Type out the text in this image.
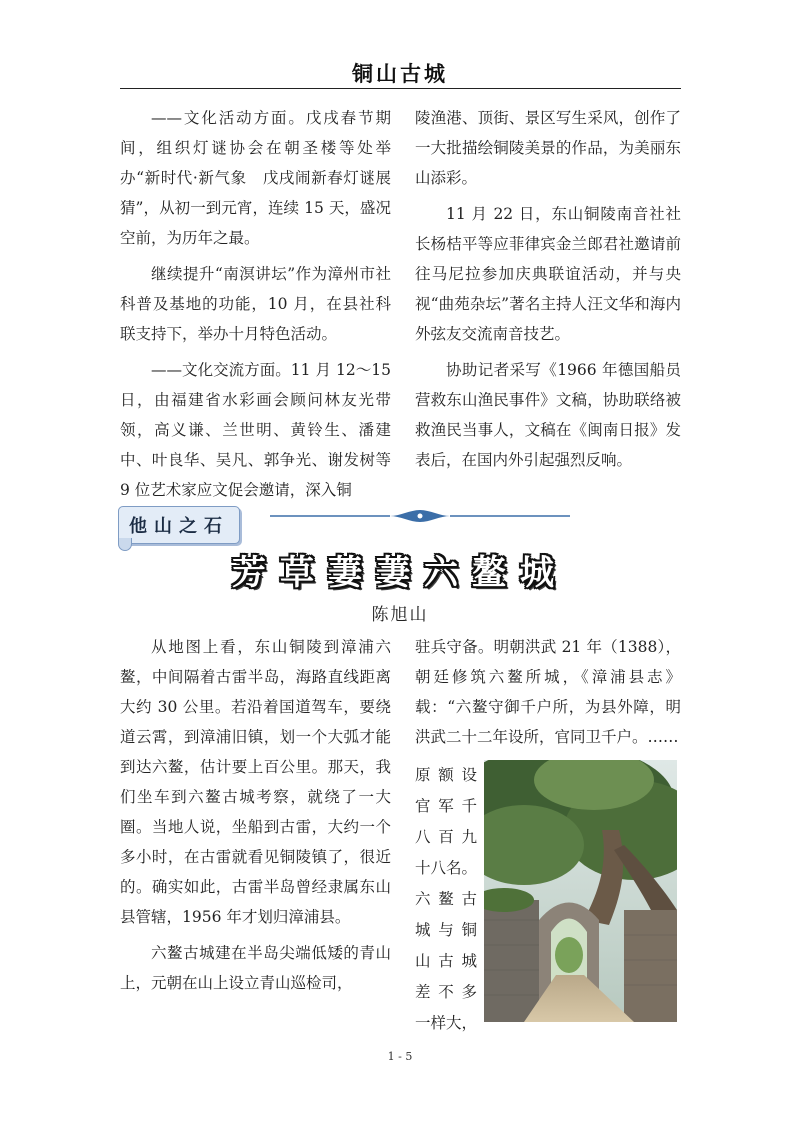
铜山古城

——文化活动方面。戊戌春节期间，组织灯谜协会在朝圣楼等处举办“新时代·新气象　戊戌闹新春灯谜展猜”，从初一到元宵，连续 15 天，盛况空前，为历年之最。

继续提升“南溟讲坛”作为漳州市社科普及基地的功能，10 月，在县社科联支持下，举办十月特色活动。

——文化交流方面。11 月 12～15 日，由福建省水彩画会顾问林友光带领，高义谦、兰世明、黄铃生、潘建中、叶良华、吴凡、郭争光、谢发树等 9 位艺术家应文促会邀请，深入铜

陵渔港、顶街、景区写生采风，创作了一大批描绘铜陵美景的作品，为美丽东山添彩。

11 月 22 日，东山铜陵南音社社长杨桔平等应菲律宾金兰郎君社邀请前往马尼拉参加庆典联谊活动，并与央视“曲苑杂坛”著名主持人汪文华和海内外弦友交流南音技艺。

协助记者采写《1966 年德国船员营救东山渔民事件》文稿，协助联络被救渔民当事人，文稿在《闽南日报》发表后，在国内外引起强烈反响。

他山之石
芳草萋萋六鳌城
陈旭山

从地图上看，东山铜陵到漳浦六鳌，中间隔着古雷半岛，海路直线距离大约 30 公里。若沿着国道驾车，要绕道云霄，到漳浦旧镇，划一个大弧才能到达六鳌，估计要上百公里。那天，我们坐车到六鳌古城考察，就绕了一大圈。当地人说，坐船到古雷，大约一个多小时，在古雷就看见铜陵镇了，很近的。确实如此，古雷半岛曾经隶属东山县管辖，1956 年才划归漳浦县。

六鳌古城建在半岛尖端低矮的青山上，元朝在山上设立青山巡检司，

驻兵守备。明朝洪武 21 年（1388），朝廷修筑六鳌所城，《漳浦县志》载：“六鳌守御千户所，为县外障，明洪武二十二年设所，官同卫千户。……

原额设
官军千
八百九
十八名。
六鳌古
城与铜
山古城
差不多
一样大，
1 - 5
